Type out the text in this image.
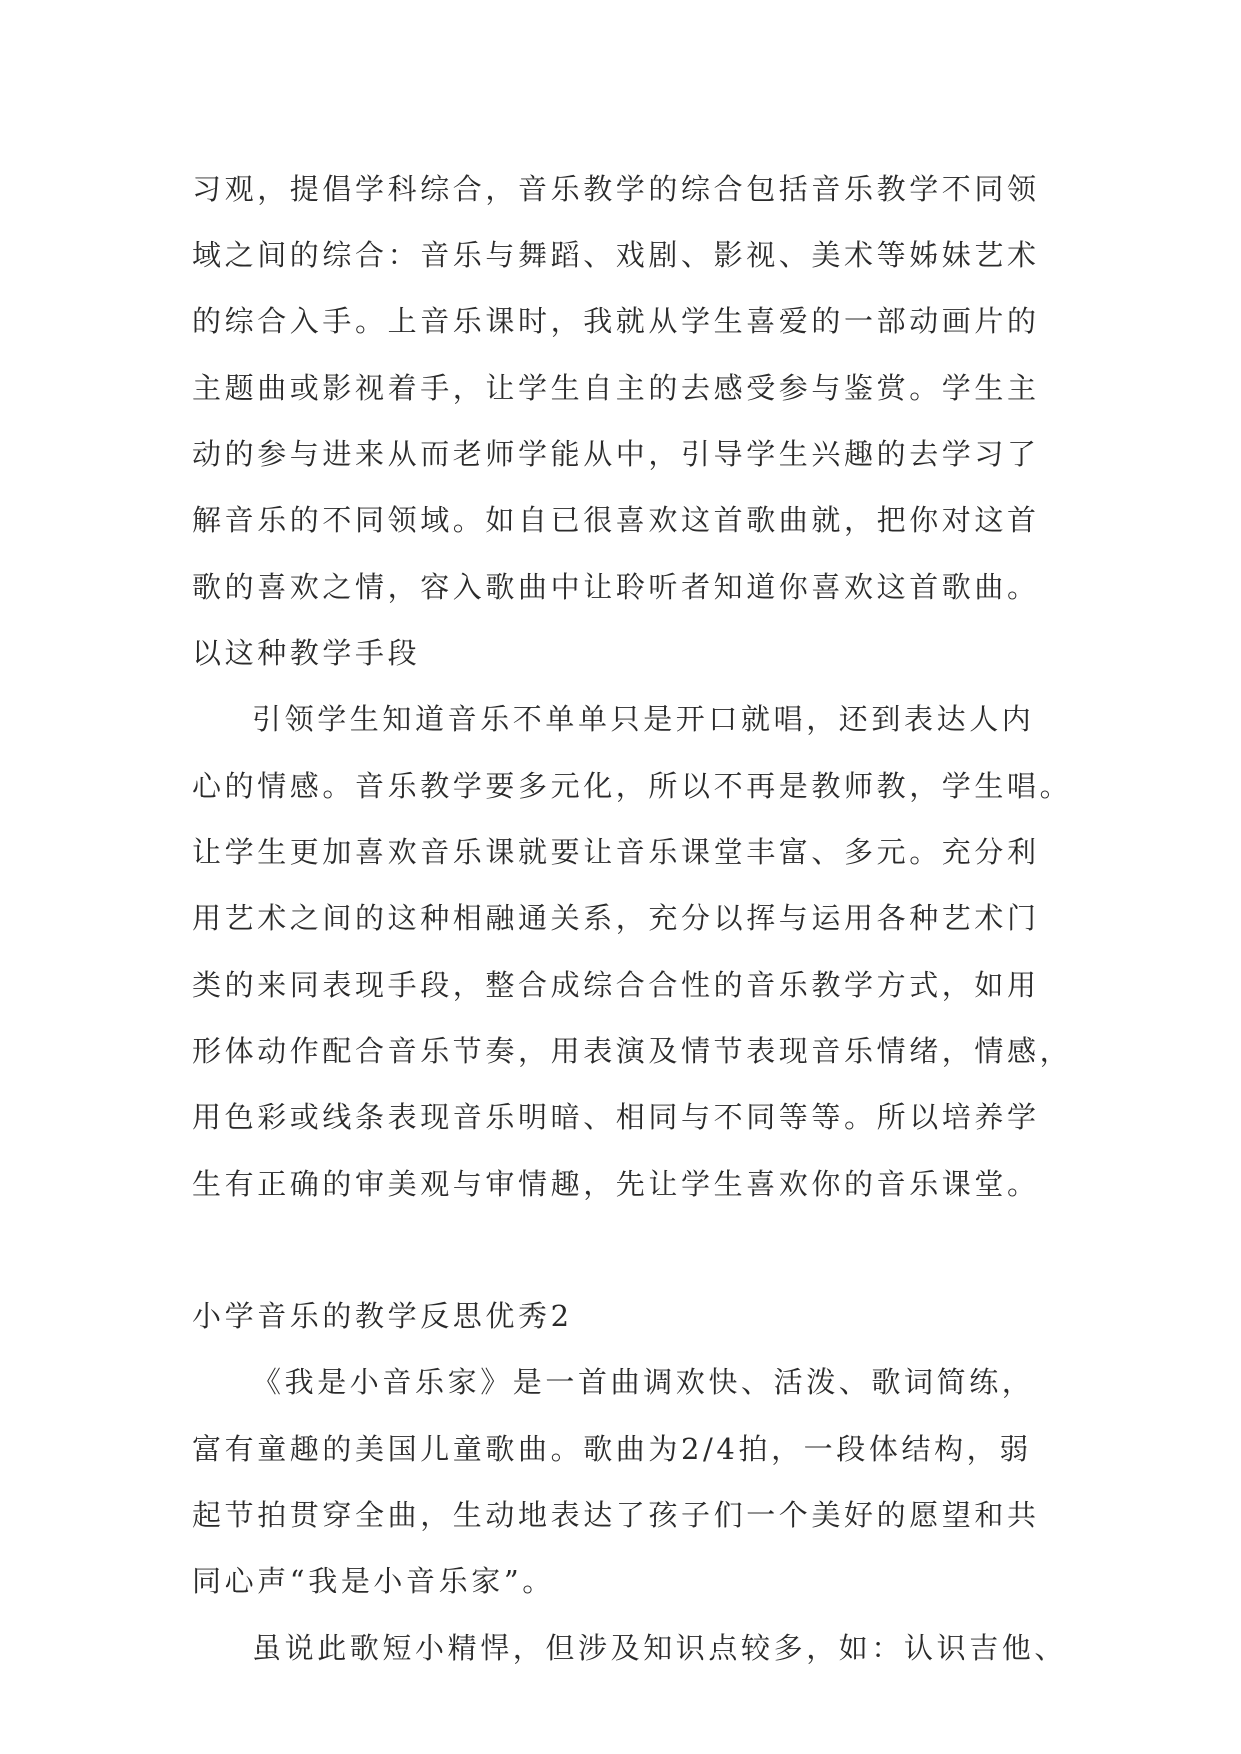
习观，提倡学科综合，音乐教学的综合包括音乐教学不同领
域之间的综合：音乐与舞蹈、戏剧、影视、美术等姊妹艺术
的综合入手。上音乐课时，我就从学生喜爱的一部动画片的
主题曲或影视着手，让学生自主的去感受参与鉴赏。学生主
动的参与进来从而老师学能从中，引导学生兴趣的去学习了
解音乐的不同领域。如自已很喜欢这首歌曲就，把你对这首
歌的喜欢之情，容入歌曲中让聆听者知道你喜欢这首歌曲。
以这种教学手段
引领学生知道音乐不单单只是开口就唱，还到表达人内
心的情感。音乐教学要多元化，所以不再是教师教，学生唱。
让学生更加喜欢音乐课就要让音乐课堂丰富、多元。充分利
用艺术之间的这种相融通关系，充分以挥与运用各种艺术门
类的来同表现手段，整合成综合合性的音乐教学方式，如用
形体动作配合音乐节奏，用表演及情节表现音乐情绪，情感，
用色彩或线条表现音乐明暗、相同与不同等等。所以培养学
生有正确的审美观与审情趣，先让学生喜欢你的音乐课堂。
小学音乐的教学反思优秀2
《我是小音乐家》是一首曲调欢快、活泼、歌词简练，
富有童趣的美国儿童歌曲。歌曲为2/4拍，一段体结构，弱
起节拍贯穿全曲，生动地表达了孩子们一个美好的愿望和共
同心声“我是小音乐家”。
虽说此歌短小精悍，但涉及知识点较多，如：认识吉他、
